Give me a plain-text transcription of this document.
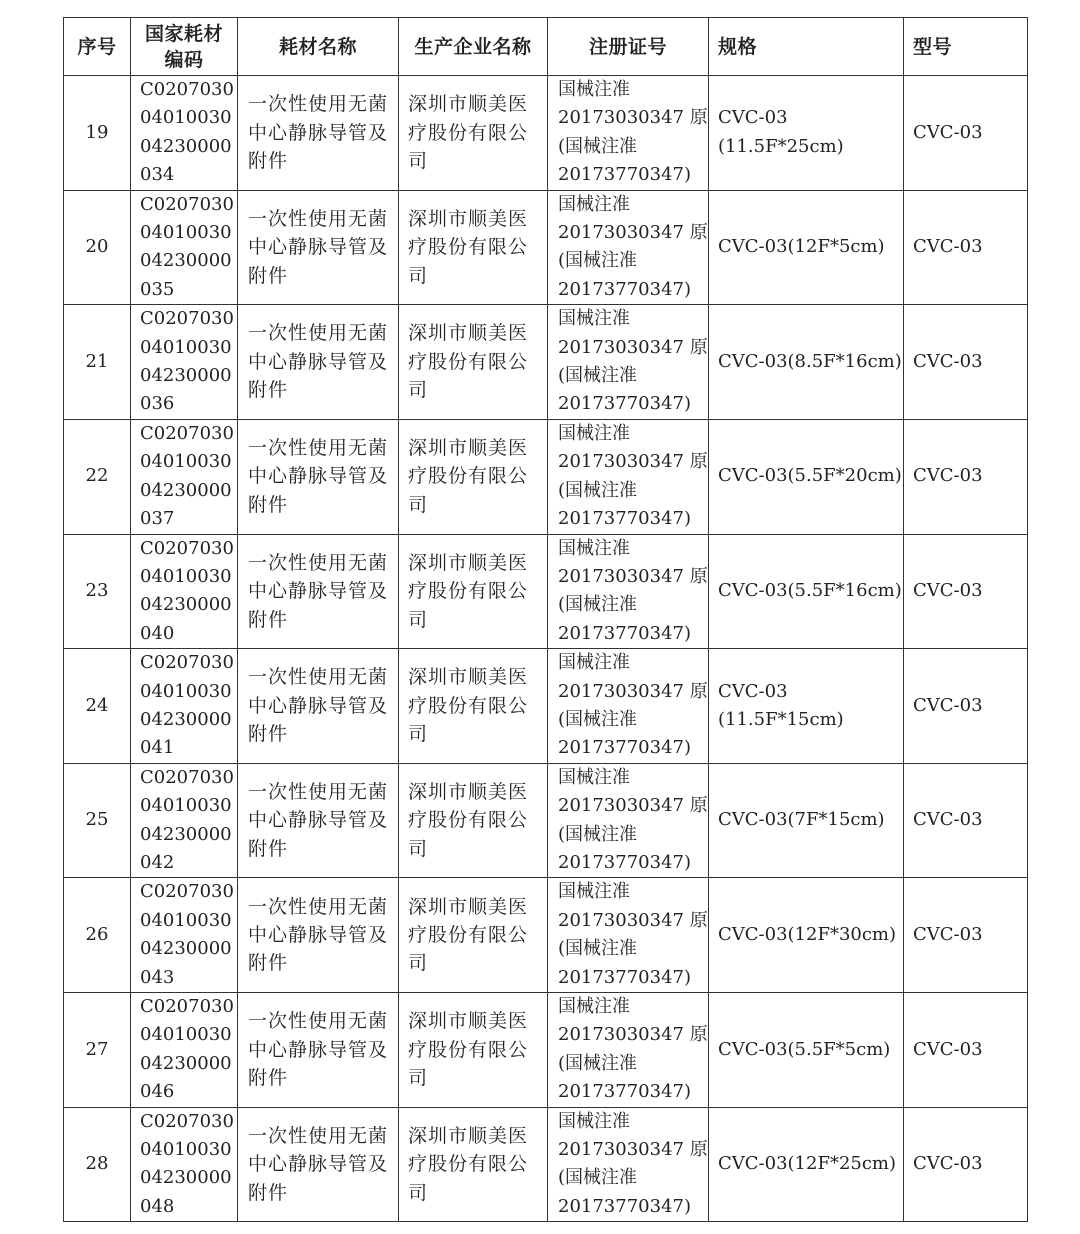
序号	国家耗材
编码	耗材名称	生产企业名称	注册证号	规格	型号

19	C0207030
04010030
04230000
034	一次性使用无菌
中心静脉导管及
附件	深圳市顺美医
疗股份有限公
司	国械注准
20173030347 原
(国械注准
20173770347)	CVC-03
(11.5F*25cm)	CVC-03

20	C0207030
04010030
04230000
035	一次性使用无菌
中心静脉导管及
附件	深圳市顺美医
疗股份有限公
司	国械注准
20173030347 原
(国械注准
20173770347)	CVC-03(12F*5cm)	CVC-03

21	C0207030
04010030
04230000
036	一次性使用无菌
中心静脉导管及
附件	深圳市顺美医
疗股份有限公
司	国械注准
20173030347 原
(国械注准
20173770347)	CVC-03(8.5F*16cm)	CVC-03

22	C0207030
04010030
04230000
037	一次性使用无菌
中心静脉导管及
附件	深圳市顺美医
疗股份有限公
司	国械注准
20173030347 原
(国械注准
20173770347)	CVC-03(5.5F*20cm)	CVC-03

23	C0207030
04010030
04230000
040	一次性使用无菌
中心静脉导管及
附件	深圳市顺美医
疗股份有限公
司	国械注准
20173030347 原
(国械注准
20173770347)	CVC-03(5.5F*16cm)	CVC-03

24	C0207030
04010030
04230000
041	一次性使用无菌
中心静脉导管及
附件	深圳市顺美医
疗股份有限公
司	国械注准
20173030347 原
(国械注准
20173770347)	CVC-03
(11.5F*15cm)	CVC-03

25	C0207030
04010030
04230000
042	一次性使用无菌
中心静脉导管及
附件	深圳市顺美医
疗股份有限公
司	国械注准
20173030347 原
(国械注准
20173770347)	CVC-03(7F*15cm)	CVC-03

26	C0207030
04010030
04230000
043	一次性使用无菌
中心静脉导管及
附件	深圳市顺美医
疗股份有限公
司	国械注准
20173030347 原
(国械注准
20173770347)	CVC-03(12F*30cm)	CVC-03

27	C0207030
04010030
04230000
046	一次性使用无菌
中心静脉导管及
附件	深圳市顺美医
疗股份有限公
司	国械注准
20173030347 原
(国械注准
20173770347)	CVC-03(5.5F*5cm)	CVC-03

28	C0207030
04010030
04230000
048	一次性使用无菌
中心静脉导管及
附件	深圳市顺美医
疗股份有限公
司	国械注准
20173030347 原
(国械注准
20173770347)	CVC-03(12F*25cm)	CVC-03
